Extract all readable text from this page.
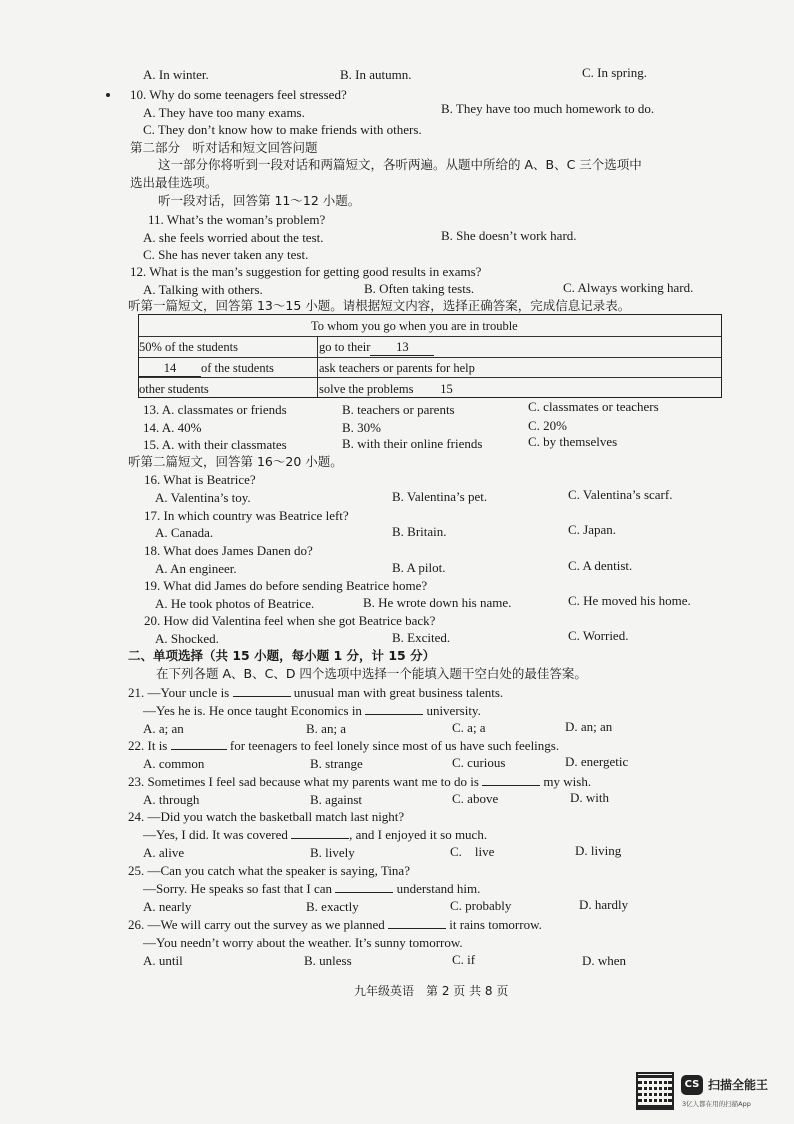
A. In winter.	B. In autumn.	C. In spring.
10. Why do some teenagers feel stressed?
A. They have too many exams.	B. They have too much homework to do.
C. They don’t know how to make friends with others.
第二部分　听对话和短文回答问题
这一部分你将听到一段对话和两篇短文，各听两遍。从题中所给的 A、B、C 三个选项中
选出最佳选项。
听一段对话，回答第 11～12 小题。
11. What’s the woman’s problem?
A. she feels worried about the test.	B. She doesn’t work hard.
C. She has never taken any test.
12. What is the man’s suggestion for getting good results in exams?
A. Talking with others.	B. Often taking tests.	C. Always working hard.
听第一篇短文，回答第 13～15 小题。请根据短文内容，选择正确答案，完成信息记录表。
To whom you go when you are in trouble
50% of the students	go to their 13
14 of the students	ask teachers or parents for help
other students	solve the problems 15
13. A. classmates or friends	B. teachers or parents	C. classmates or teachers
14. A. 40%	B. 30%	C. 20%
15. A. with their classmates	B. with their online friends	C. by themselves
听第二篇短文，回答第 16～20 小题。
16. What is Beatrice?
A. Valentina’s toy.	B. Valentina’s pet.	C. Valentina’s scarf.
17. In which country was Beatrice left?
A. Canada.	B. Britain.	C. Japan.
18. What does James Danen do?
A. An engineer.	B. A pilot.	C. A dentist.
19. What did James do before sending Beatrice home?
A. He took photos of Beatrice.	B. He wrote down his name.	C. He moved his home.
20. How did Valentina feel when she got Beatrice back?
A. Shocked.	B. Excited.	C. Worried.
二、单项选择（共 15 小题，每小题 1 分，计 15 分）
在下列各题 A、B、C、D 四个选项中选择一个能填入题干空白处的最佳答案。
21. —Your uncle is	unusual man with great business talents.
—Yes he is. He once taught Economics in	university.
A. a; an	B. an; a	C. a; a	D. an; an
22. It is	for teenagers to feel lonely since most of us have such feelings.
A. common	B. strange	C. curious	D. energetic
23. Sometimes I feel sad because what my parents want me to do is	my wish.
A. through	B. against	C. above	D. with
24. —Did you watch the basketball match last night?
—Yes, I did. It was covered	, and I enjoyed it so much.
A. alive	B. lively	C.　live	D. living
25. —Can you catch what the speaker is saying, Tina?
—Sorry. He speaks so fast that I can	understand him.
A. nearly	B. exactly	C. probably	D. hardly
26. —We will carry out the survey as we planned	it rains tomorrow.
—You needn’t worry about the weather. It’s sunny tomorrow.
A. until	B. unless	C. if	D. when
九年级英语　第 2 页 共 8 页
CS 扫描全能王
3亿人都在用的扫描App
